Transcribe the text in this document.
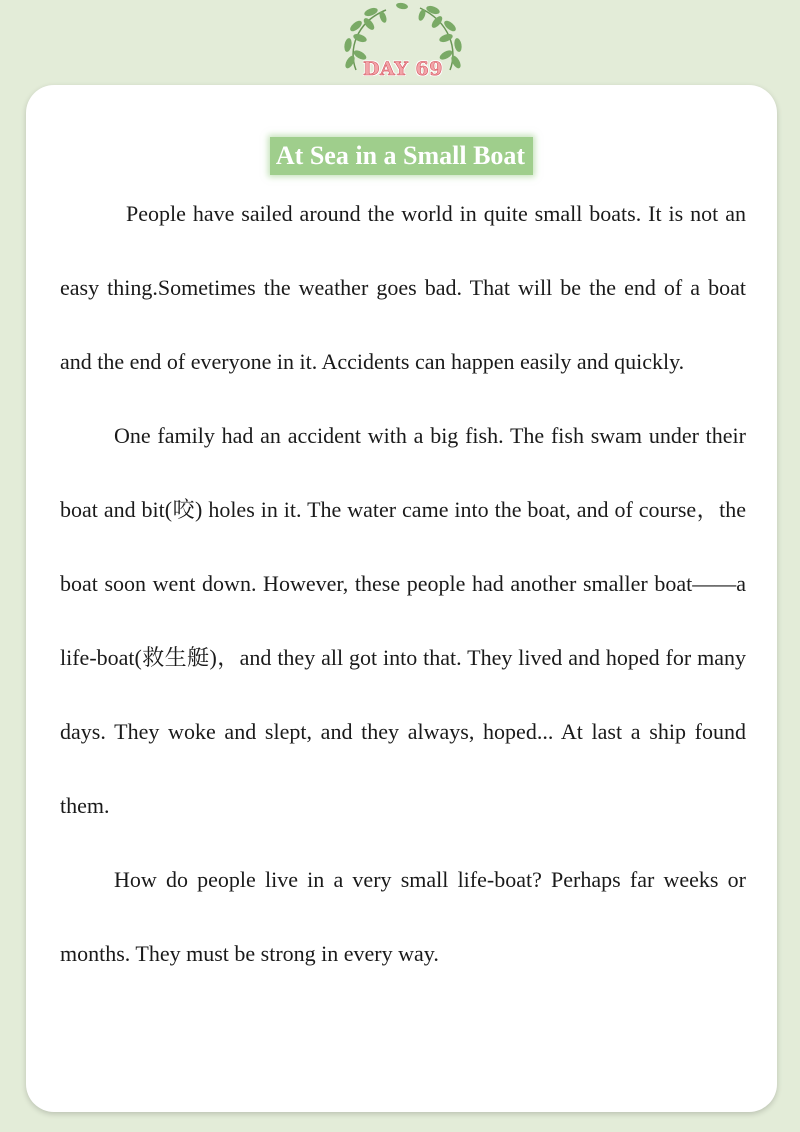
DAY 69
At Sea in a Small Boat

People have sailed around the world in quite small boats. It is not an easy thing.Sometimes the weather goes bad. That will be the end of a boat and the end of everyone in it. Accidents can happen easily and quickly.

One family had an accident with a big fish. The fish swam under their boat and bit(咬) holes in it. The water came into the boat, and of course，the boat soon went down. However, these people had another smaller boat——a life-boat(救生艇)，and they all got into that. They lived and hoped for many days. They woke and slept, and they always, hoped... At last a ship found them.

How do people live in a very small life-boat? Perhaps far weeks or months. They must be strong in every way.
